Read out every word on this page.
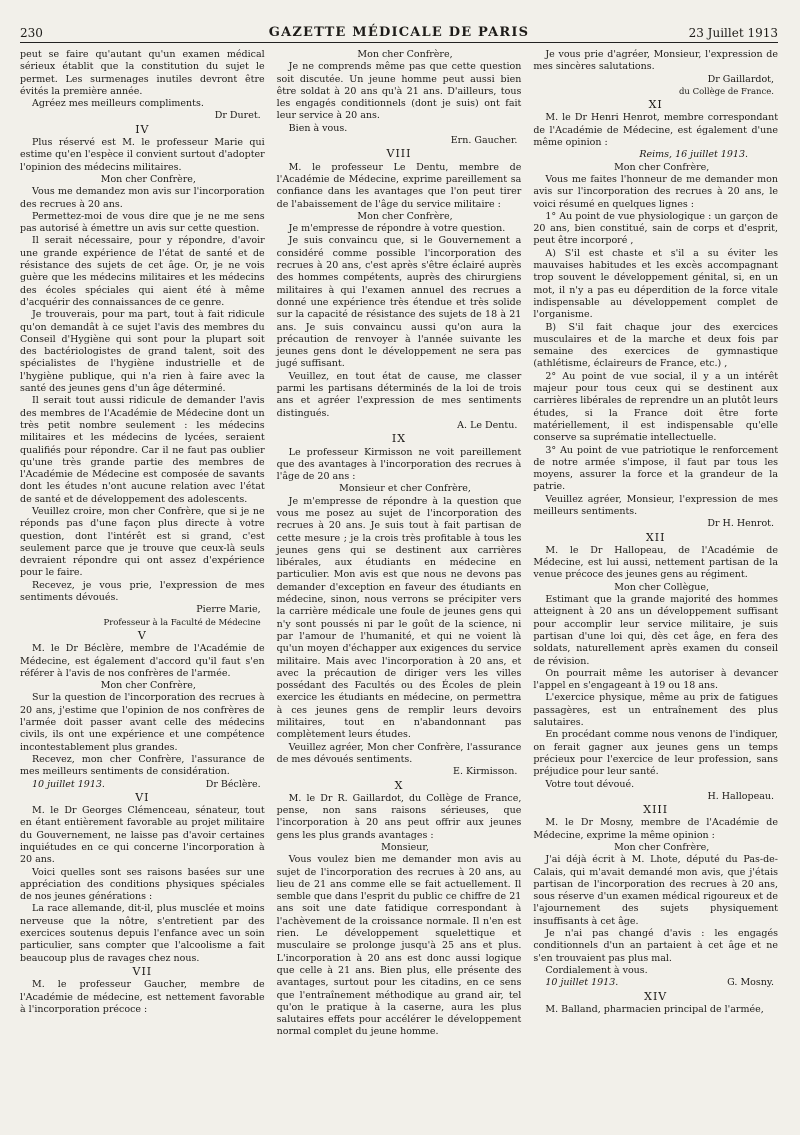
230	GAZETTE MÉDICALE DE PARIS	23 Juillet 1913

peut se faire qu'autant qu'un examen médical sérieux établit que la constitution du sujet le permet. Les surmenages inutiles devront être évités la première année.

Agréez mes meilleurs compliments.

Dr Duret.

IV

Plus réservé est M. le professeur Marie qui estime qu'en l'espèce il convient surtout d'adopter l'opinion des médecins militaires.

Mon cher Confrère,

Vous me demandez mon avis sur l'incorporation des recrues à 20 ans.

Permettez-moi de vous dire que je ne me sens pas autorisé à émettre un avis sur cette question.

Il serait nécessaire, pour y répondre, d'avoir une grande expérience de l'état de santé et de résistance des sujets de cet âge. Or, je ne vois guère que les médecins militaires et les médecins des écoles spéciales qui aient été à même d'acquérir des connaissances de ce genre.

Je trouverais, pour ma part, tout à fait ridicule qu'on demandât à ce sujet l'avis des membres du Conseil d'Hygiène qui sont pour la plupart soit des bactériologistes de grand talent, soit des spécialistes de l'hygiène industrielle et de l'hygiène publique, qui n'a rien à faire avec la santé des jeunes gens d'un âge déterminé.

Il serait tout aussi ridicule de demander l'avis des membres de l'Académie de Médecine dont un très petit nombre seulement : les médecins militaires et les médecins de lycées, seraient qualifiés pour répondre. Car il ne faut pas oublier qu'une très grande partie des membres de l'Académie de Médecine est composée de savants dont les études n'ont aucune relation avec l'état de santé et de développement des adolescents.

Veuillez croire, mon cher Confrère, que si je ne réponds pas d'une façon plus directe à votre question, dont l'intérêt est si grand, c'est seulement parce que je trouve que ceux-là seuls devraient répondre qui ont assez d'expérience pour le faire.

Recevez, je vous prie, l'expression de mes sentiments dévoués.

Pierre Marie,

Professeur à la Faculté de Médecine

V

M. le Dr Béclère, membre de l'Académie de Médecine, est également d'accord qu'il faut s'en référer à l'avis de nos confrères de l'armée.

Mon cher Confrère,

Sur la question de l'incorporation des recrues à 20 ans, j'estime que l'opinion de nos confrères de l'armée doit passer avant celle des médecins civils, ils ont une expérience et une compétence incontestablement plus grandes.

Recevez, mon cher Confrère, l'assurance de mes meilleurs sentiments de considération.

10 juillet 1913.	Dr Béclère.
VI

M. le Dr Georges Clémenceau, sénateur, tout en étant entièrement favorable au projet militaire du Gouvernement, ne laisse pas d'avoir certaines inquiétudes en ce qui concerne l'incorporation à 20 ans.

Voici quelles sont ses raisons basées sur une appréciation des conditions physiques spéciales de nos jeunes générations :

La race allemande, dit-il, plus musclée et moins nerveuse que la nôtre, s'entretient par des exercices soutenus depuis l'enfance avec un soin particulier, sans compter que l'alcoolisme a fait beaucoup plus de ravages chez nous.

VII

M. le professeur Gaucher, membre de l'Académie de médecine, est nettement favorable à l'incorporation précoce :

Mon cher Confrère,

Je ne comprends même pas que cette question soit discutée. Un jeune homme peut aussi bien être soldat à 20 ans qu'à 21 ans. D'ailleurs, tous les engagés conditionnels (dont je suis) ont fait leur service à 20 ans.

Bien à vous.

Ern. Gaucher.

VIII

M. le professeur Le Dentu, membre de l'Académie de Médecine, exprime pareillement sa confiance dans les avantages que l'on peut tirer de l'abaissement de l'âge du service militaire :

Mon cher Confrère,

Je m'empresse de répondre à votre question.

Je suis convaincu que, si le Gouvernement a considéré comme possible l'incorporation des recrues à 20 ans, c'est après s'être éclairé auprès des hommes compétents, auprès des chirurgiens militaires à qui l'examen annuel des recrues a donné une expérience très étendue et très solide sur la capacité de résistance des sujets de 18 à 21 ans. Je suis convaincu aussi qu'on aura la précaution de renvoyer à l'année suivante les jeunes gens dont le développement ne sera pas jugé suffisant.

Veuillez, en tout état de cause, me classer parmi les partisans déterminés de la loi de trois ans et agréer l'expression de mes sentiments distingués.

A. Le Dentu.

IX

Le professeur Kirmisson ne voit pareillement que des avantages à l'incorporation des recrues à l'âge de 20 ans :

Monsieur et cher Confrère,

Je m'empresse de répondre à la question que vous me posez au sujet de l'incorporation des recrues à 20 ans. Je suis tout à fait partisan de cette mesure ; je la crois très profitable à tous les jeunes gens qui se destinent aux carrières libérales, aux étudiants en médecine en particulier. Mon avis est que nous ne devons pas demander d'exception en faveur des étudiants en médecine, sinon, nous verrons se précipiter vers la carrière médicale une foule de jeunes gens qui n'y sont poussés ni par le goût de la science, ni par l'amour de l'humanité, et qui ne voient là qu'un moyen d'échapper aux exigences du service militaire. Mais avec l'incorporation à 20 ans, et avec la précaution de diriger vers les villes possédant des Facultés ou des Écoles de plein exercice les étudiants en médecine, on permettra à ces jeunes gens de remplir leurs devoirs militaires, tout en n'abandonnant pas complètement leurs études.

Veuillez agréer, Mon cher Confrère, l'assurance de mes dévoués sentiments.

E. Kirmisson.

X

M. le Dr R. Gaillardot, du Collège de France, pense, non sans raisons sérieuses, que l'incorporation à 20 ans peut offrir aux jeunes gens les plus grands avantages :

Monsieur,

Vous voulez bien me demander mon avis au sujet de l'incorporation des recrues à 20 ans, au lieu de 21 ans comme elle se fait actuellement. Il semble que dans l'esprit du public ce chiffre de 21 ans soit une date fatidique correspondant à l'achèvement de la croissance normale. Il n'en est rien. Le développement squelettique et musculaire se prolonge jusqu'à 25 ans et plus. L'incorporation à 20 ans est donc aussi logique que celle à 21 ans. Bien plus, elle présente des avantages, surtout pour les citadins, en ce sens que l'entraînement méthodique au grand air, tel qu'on le pratique à la caserne, aura les plus salutaires effets pour accélérer le développement normal complet du jeune homme.

Je vous prie d'agréer, Monsieur, l'expression de mes sincères salutations.

Dr Gaillardot,

du Collège de France.

XI

M. le Dr Henri Henrot, membre correspondant de l'Académie de Médecine, est également d'une même opinion :

Reims, 16 juillet 1913.

Mon cher Confrère,

Vous me faites l'honneur de me demander mon avis sur l'incorporation des recrues à 20 ans, le voici résumé en quelques lignes :

1° Au point de vue physiologique : un garçon de 20 ans, bien constitué, sain de corps et d'esprit, peut être incorporé ,

A) S'il est chaste et s'il a su éviter les mauvaises habitudes et les excès accompagnant trop souvent le développement génital, si, en un mot, il n'y a pas eu déperdition de la force vitale indispensable au développement complet de l'organisme.

B) S'il fait chaque jour des exercices musculaires et de la marche et deux fois par semaine des exercices de gymnastique (athlétisme, éclaireurs de France, etc.) ,

2° Au point de vue social, il y a un intérêt majeur pour tous ceux qui se destinent aux carrières libérales de reprendre un an plutôt leurs études, si la France doit être forte matériellement, il est indispensable qu'elle conserve sa suprématie intellectuelle.

3° Au point de vue patriotique le renforcement de notre armée s'impose, il faut par tous les moyens, assurer la force et la grandeur de la patrie.

Veuillez agréer, Monsieur, l'expression de mes meilleurs sentiments.

Dr H. Henrot.

XII

M. le Dr Hallopeau, de l'Académie de Médecine, est lui aussi, nettement partisan de la venue précoce des jeunes gens au régiment.

Mon cher Collègue,

Estimant que la grande majorité des hommes atteignent à 20 ans un développement suffisant pour accomplir leur service militaire, je suis partisan d'une loi qui, dès cet âge, en fera des soldats, naturellement après examen du conseil de révision.

On pourrait même les autoriser à devancer l'appel en s'engageant à 19 ou 18 ans.

L'exercice physique, même au prix de fatigues passagères, est un entraînement des plus salutaires.

En procédant comme nous venons de l'indiquer, on ferait gagner aux jeunes gens un temps précieux pour l'exercice de leur profession, sans préjudice pour leur santé.

Votre tout dévoué.

H. Hallopeau.

XIII

M. le Dr Mosny, membre de l'Académie de Médecine, exprime la même opinion :

Mon cher Confrère,

J'ai déjà écrit à M. Lhote, député du Pas-de-Calais, qui m'avait demandé mon avis, que j'étais partisan de l'incorporation des recrues à 20 ans, sous réserve d'un examen médical rigoureux et de l'ajournement des sujets physiquement insuffisants à cet âge.

Je n'ai pas changé d'avis : les engagés conditionnels d'un an partaient à cet âge et ne s'en trouvaient pas plus mal.

Cordialement à vous.

10 juillet 1913.	G. Mosny.
XIV

M. Balland, pharmacien principal de l'armée,
